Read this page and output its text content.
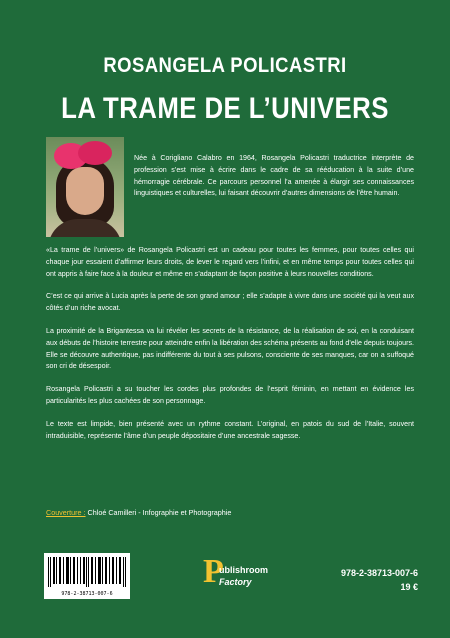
ROSANGELA POLICASTRI
LA TRAME DE L’UNIVERS
Née à Corigliano Calabro en 1964, Rosangela Policastri traductrice interprète de profession s’est mise à écrire dans le cadre de sa rééducation à la suite d’une hémorragie cérébrale. Ce parcours personnel l’a amenée à élargir ses connaissances linguistiques et culturelles, lui faisant découvrir d’autres dimensions de l’être humain.

«La trame de l’univers» de Rosangela Policastri est un cadeau pour toutes les femmes, pour toutes celles qui chaque jour essaient d’affirmer leurs droits, de lever le regard vers l’infini, et en même temps pour toutes celles qui ont appris à faire face à la douleur et même en s’adaptant de façon positive à leurs nouvelles conditions.

C’est ce qui arrive à Lucia après la perte de son grand amour ; elle s’adapte à vivre dans une société qui la veut aux côtés d’un riche avocat.

La proximité de la Brigantessa va lui révéler les secrets de la résistance, de la réalisation de soi, en la conduisant aux débuts de l’histoire terrestre pour atteindre enfin la libération des schéma présents au fond d’elle depuis toujours. Elle se découvre authentique, pas indifférente du tout à ses pulsons, consciente de ses manques, car on a suffoqué son cri de désespoir.

Rosangela Policastri a su toucher les cordes plus profondes de l’esprit féminin, en mettant en évidence les particularités les plus cachées de son personnage.

Le texte est limpide, bien présenté avec un rythme constant. L’original, en patois du sud de l’Italie, souvent intraduisible, représente l’âme d’un peuple dépositaire d’une ancestrale sagesse.

Couverture : Chloé Camilleri - Infographie et Photographie
978-2-38713-007-6
P
ublishroom
Factory
978-2-38713-007-6
19 €
